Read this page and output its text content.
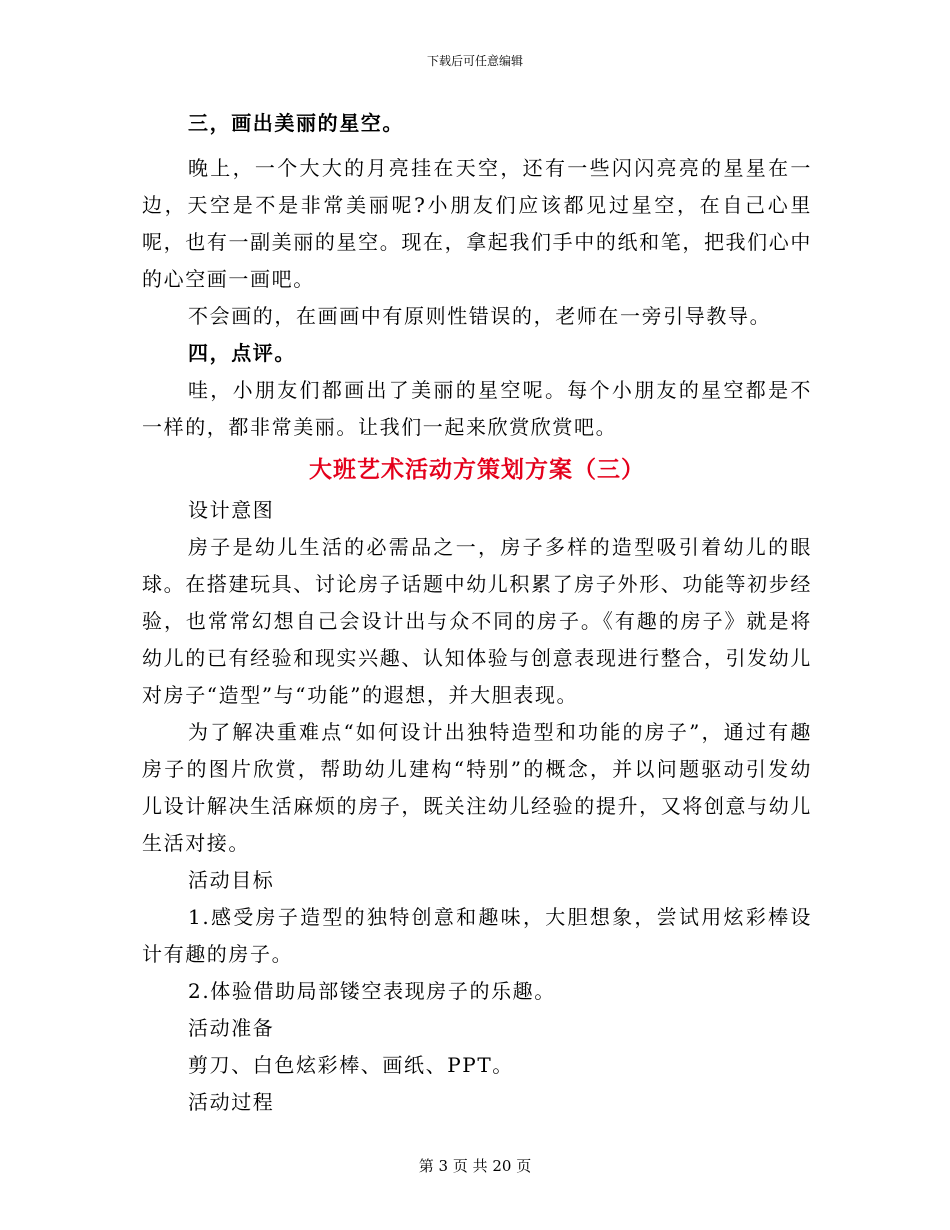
下载后可任意编辑

三，画出美丽的星空。

晚上，一个大大的月亮挂在天空，还有一些闪闪亮亮的星星在一边，天空是不是非常美丽呢?小朋友们应该都见过星空，在自己心里呢，也有一副美丽的星空。现在，拿起我们手中的纸和笔，把我们心中的心空画一画吧。

不会画的，在画画中有原则性错误的，老师在一旁引导教导。

四，点评。

哇，小朋友们都画出了美丽的星空呢。每个小朋友的星空都是不一样的，都非常美丽。让我们一起来欣赏欣赏吧。

大班艺术活动方策划方案（三）

设计意图

房子是幼儿生活的必需品之一，房子多样的造型吸引着幼儿的眼球。在搭建玩具、讨论房子话题中幼儿积累了房子外形、功能等初步经验，也常常幻想自己会设计出与众不同的房子。《有趣的房子》就是将幼儿的已有经验和现实兴趣、认知体验与创意表现进行整合，引发幼儿对房子“造型”与“功能”的遐想，并大胆表现。

为了解决重难点“如何设计出独特造型和功能的房子”，通过有趣房子的图片欣赏，帮助幼儿建构“特别”的概念，并以问题驱动引发幼儿设计解决生活麻烦的房子，既关注幼儿经验的提升，又将创意与幼儿生活对接。

活动目标

1.感受房子造型的独特创意和趣味，大胆想象，尝试用炫彩棒设计有趣的房子。

2.体验借助局部镂空表现房子的乐趣。

活动准备

剪刀、白色炫彩棒、画纸、PPT。

活动过程

第 3 页 共 20 页
